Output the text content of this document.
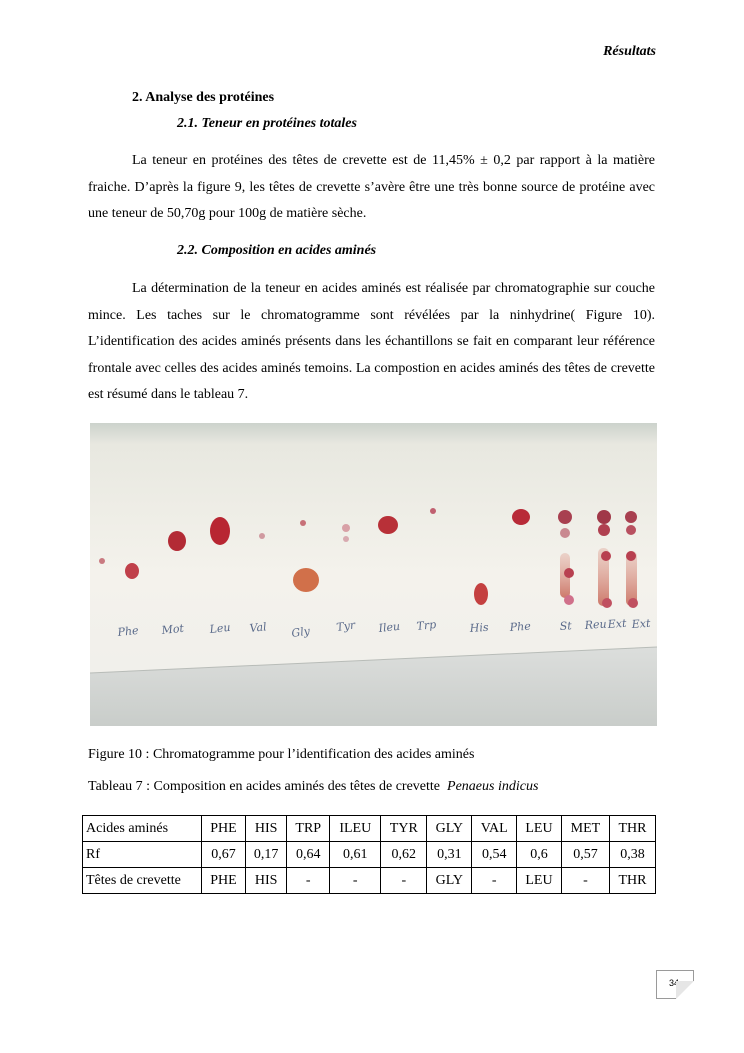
Résultats
2. Analyse des protéines
2.1. Teneur en protéines totales
La teneur en protéines des têtes de crevette est de 11,45% ± 0,2 par rapport à la matière fraiche. D’après la figure 9, les têtes de crevette s’avère être une très bonne source de protéine avec une teneur de 50,70g pour 100g de matière sèche.
2.2. Composition en acides aminés
La détermination de la teneur en acides aminés est réalisée par chromatographie sur couche mince. Les taches sur le chromatogramme sont révélées par la ninhydrine( Figure 10). L’identification des acides aminés présents dans les échantillons se fait en comparant leur référence frontale avec celles des acides aminés temoins. La compostion en acides aminés des têtes de crevette est résumé dans le tableau 7.
Phe Mot Leu Val Gly Tyr Ileu Trp	His Phe	St Reu Ext Ext
Figure 10 : Chromatogramme pour l’identification des acides aminés
Tableau 7 : Composition en acides aminés des têtes de crevette Penaeus indicus
Acides aminés	PHE	HIS	TRP	ILEU	TYR	GLY	VAL	LEU	MET	THR
Rf	0,67	0,17	0,64	0,61	0,62	0,31	0,54	0,6	0,57	0,38
Têtes de crevette	PHE	HIS	-	-	-	GLY	-	LEU	-	THR
34
